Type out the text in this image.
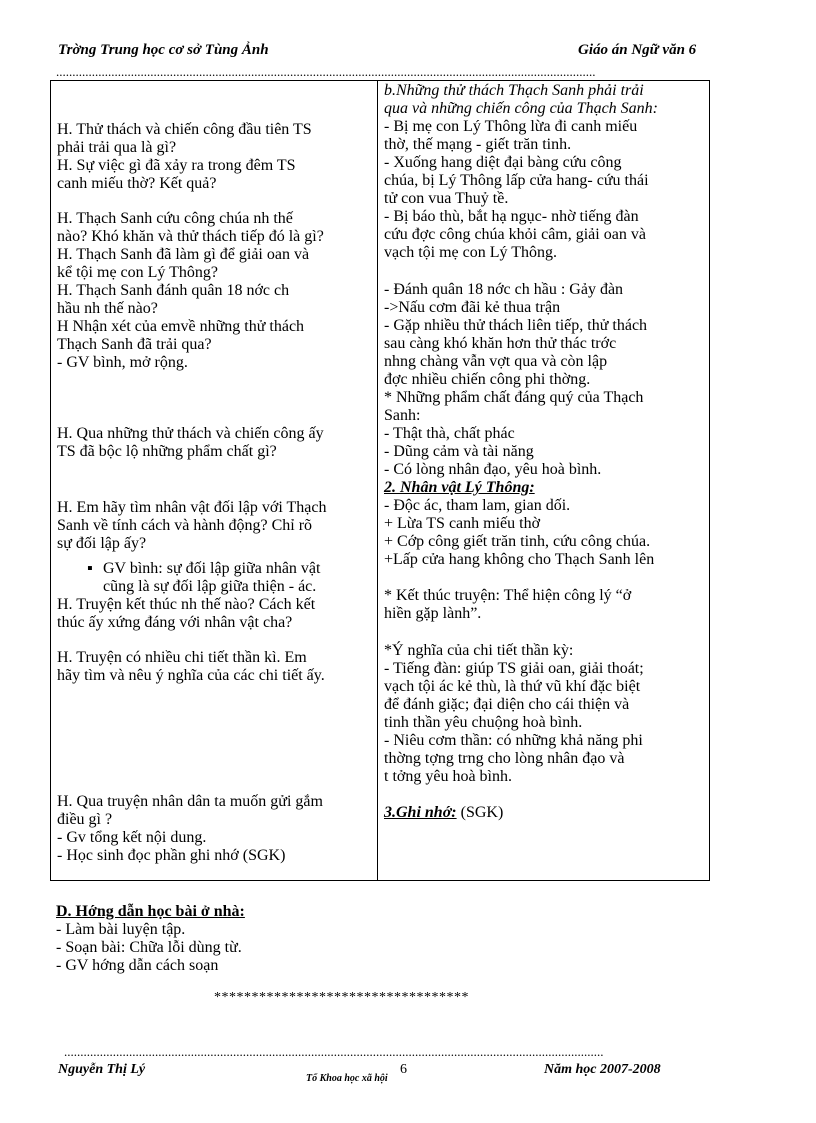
Trờng Trung học cơ sở Tùng Ảnh	Giáo án Ngữ văn 6
......................................................................................................................................................................
H. Thử thách và chiến công đầu tiên TS
phải trải qua là gì?
H. Sự việc gì đã xảy ra trong đêm TS
canh miếu thờ? Kết quả?
H. Thạch Sanh cứu công chúa nh thế
nào? Khó khăn và thử thách tiếp đó là gì?
H. Thạch Sanh đã làm gì để giải oan và
kể tội mẹ con Lý Thông?
H. Thạch Sanh đánh quân 18 nớc ch
hầu nh thế nào?
H Nhận xét của emvề những thử thách
Thạch Sanh đã trải qua?
- GV bình, mở rộng.
H. Qua những thử thách và chiến công ấy
TS đã bộc lộ những phẩm chất gì?
H. Em hãy tìm nhân vật đối lập với Thạch
Sanh về tính cách và hành động? Chỉ rõ
sự đối lập ấy?
▪ GV bình: sự đối lập giữa nhân vật
cũng là sự đối lập giữa thiện - ác.
H. Truyện kết thúc nh thế nào? Cách kết
thúc ấy xứng đáng với nhân vật cha?
H. Truyện có nhiều chi tiết thần kì. Em
hãy tìm và nêu ý nghĩa của các chi tiết ấy.
H. Qua truyện nhân dân ta muốn gửi gắm
điều gì ?
- Gv tổng kết nội dung.
- Học sinh đọc phần ghi nhớ (SGK)
b.Những thử thách Thạch Sanh phải trải
qua và những chiến công của Thạch Sanh:
- Bị mẹ con Lý Thông lừa đi canh miếu
thờ, thế mạng - giết trăn tinh.
- Xuống hang diệt đại bàng cứu công
chúa, bị Lý Thông lấp cửa hang- cứu thái
tử con vua Thuỷ tề.
- Bị báo thù, bắt hạ ngục- nhờ tiếng đàn
cứu đợc công chúa khỏi câm, giải oan và
vạch tội mẹ con Lý Thông.
- Đánh quân 18 nớc ch hầu : Gảy đàn
->Nấu cơm đãi kẻ thua trận
- Gặp nhiều thử thách liên tiếp, thử thách
sau càng khó khăn hơn thử thác trớc
nhng chàng vẫn vợt qua và còn lập
đợc nhiều chiến công phi thờng.
* Những phẩm chất đáng quý của Thạch
Sanh:
- Thật thà, chất phác
- Dũng cảm và tài năng
- Có lòng nhân đạo, yêu hoà bình.
2. Nhân vật Lý Thông:
- Độc ác, tham lam, gian dối.
+ Lừa TS canh miếu thờ
+ Cớp công giết trăn tinh, cứu công chúa.
+Lấp cửa hang không cho Thạch Sanh lên
* Kết thúc truyện: Thể hiện công lý “ở
hiền gặp lành”.
*Ý nghĩa của chi tiết thần kỳ:
- Tiếng đàn: giúp TS giải oan, giải thoát;
vạch tội ác kẻ thù, là thứ vũ khí đặc biệt
để đánh giặc; đại diện cho cái thiện và
tinh thần yêu chuộng hoà bình.
- Niêu cơm thần: có những khả năng phi
thờng tợng trng cho lòng nhân đạo và
t tởng yêu hoà bình.
3.Ghi nhớ: (SGK)
D. Hớng dẫn học bài ở nhà:
- Làm bài luyện tập.
- Soạn bài: Chữa lỗi dùng từ.
- GV hớng dẫn cách soạn
**********************************
......................................................................................................................................................................
Nguyễn Thị Lý	6
Tổ Khoa học xã hội
Năm học 2007-2008
